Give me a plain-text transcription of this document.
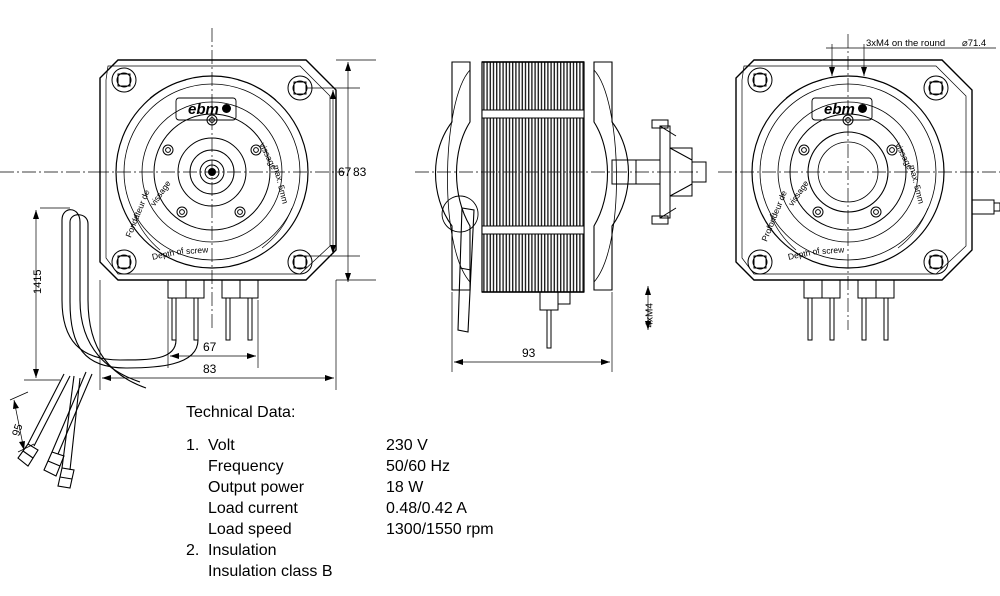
ebm
Fondateur de
vissage
Depth of screw
max. 5mm
vissage
67 83
67
83
1415
95
93
4xM4
ebm
Profondeur de
vissage
Depth of screw
max. 5mm
vissage
3xM4 on the round ⌀71.4
Technical Data:
1. Volt	230 V
Frequency	50/60 Hz
Output power	18 W
Load current	0.48/0.42 A
Load speed	1300/1550 rpm
2. Insulation
Insulation class B
